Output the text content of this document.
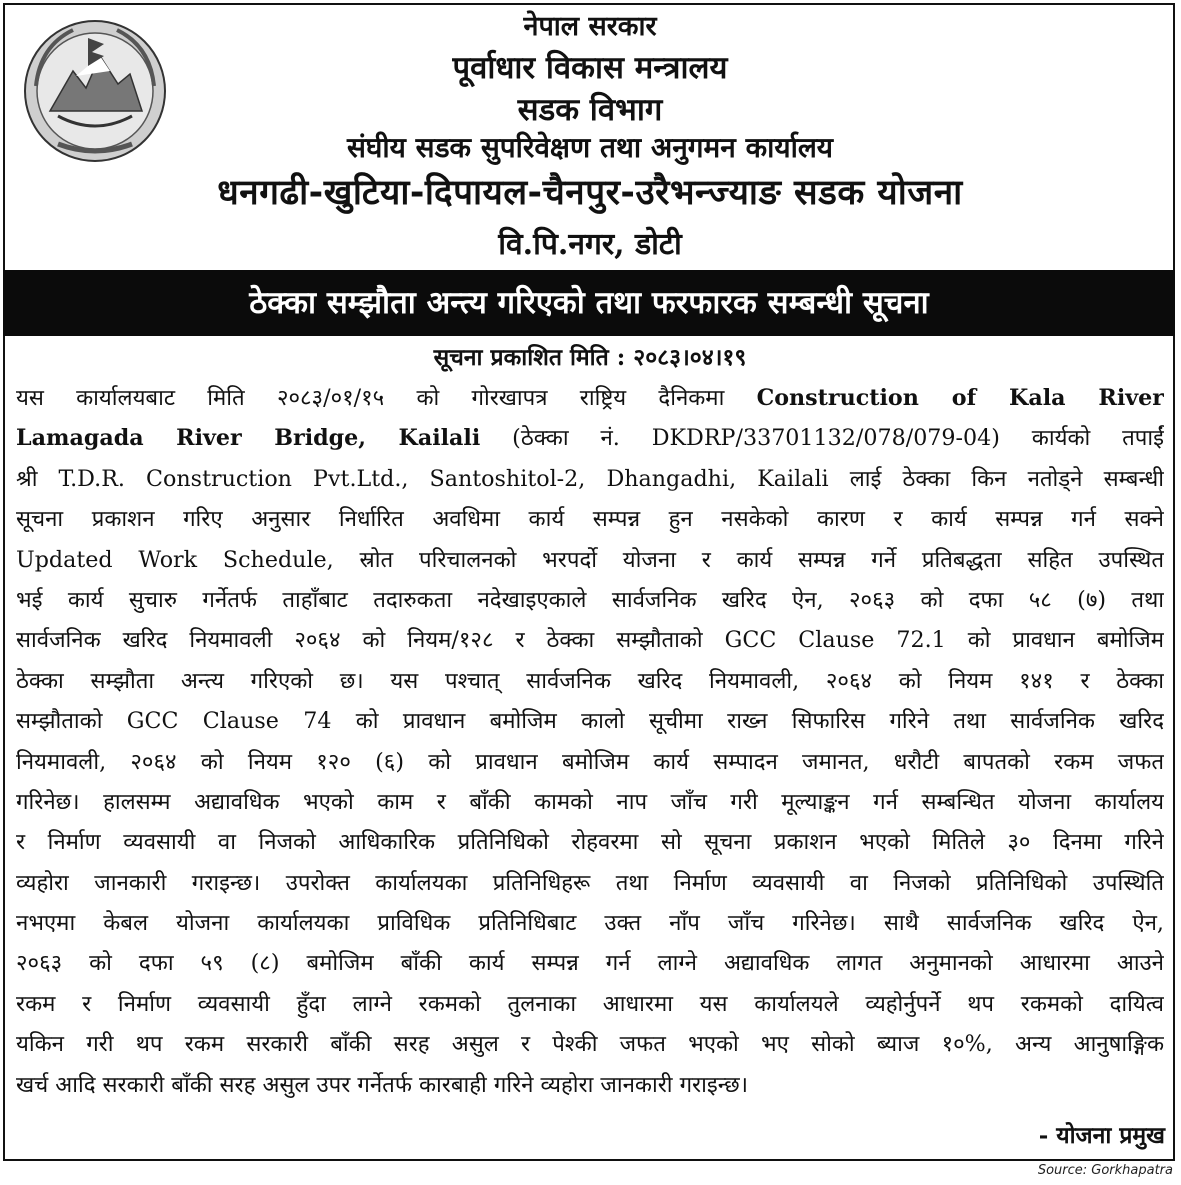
नेपाल सरकार
पूर्वाधार विकास मन्त्रालय
सडक विभाग
संघीय सडक सुपरिवेक्षण तथा अनुगमन कार्यालय
धनगढी-खुटिया-दिपायल-चैनपुर-उरैभन्ज्याङ सडक योजना
वि.पि.नगर, डोटी
ठेक्का सम्झौता अन्त्य गरिएको तथा फरफारक सम्बन्धी सूचना
सूचना प्रकाशित मिति : २०८३।०४।१९
यस कार्यालयबाट मिति २०८३/०१/१५ को गोरखापत्र राष्ट्रिय दैनिकमा Construction of Kala River
Lamagada River Bridge, Kailali (ठेक्का नं. DKDRP/33701132/078/079-04) कार्यको तपाईं
श्री T.D.R. Construction Pvt.Ltd., Santoshitol-2, Dhangadhi, Kailali लाई ठेक्का किन नतोड्ने सम्बन्धी
सूचना प्रकाशन गरिए अनुसार निर्धारित अवधिमा कार्य सम्पन्न हुन नसकेको कारण र कार्य सम्पन्न गर्न सक्ने
Updated Work Schedule, स्रोत परिचालनको भरपर्दो योजना र कार्य सम्पन्न गर्ने प्रतिबद्धता सहित उपस्थित
भई कार्य सुचारु गर्नेतर्फ ताहाँबाट तदारुकता नदेखाइएकाले सार्वजनिक खरिद ऐन, २०६३ को दफा ५८ (७) तथा
सार्वजनिक खरिद नियमावली २०६४ को नियम/१२८ र ठेक्का सम्झौताको GCC Clause 72.1 को प्रावधान बमोजिम
ठेक्का सम्झौता अन्त्य गरिएको छ। यस पश्चात् सार्वजनिक खरिद नियमावली, २०६४ को नियम १४१ र ठेक्का
सम्झौताको GCC Clause 74 को प्रावधान बमोजिम कालो सूचीमा राख्न सिफारिस गरिने तथा सार्वजनिक खरिद
नियमावली, २०६४ को नियम १२० (६) को प्रावधान बमोजिम कार्य सम्पादन जमानत, धरौटी बापतको रकम जफत
गरिनेछ। हालसम्म अद्यावधिक भएको काम र बाँकी कामको नाप जाँच गरी मूल्याङ्कन गर्न सम्बन्धित योजना कार्यालय
र निर्माण व्यवसायी वा निजको आधिकारिक प्रतिनिधिको रोहवरमा सो सूचना प्रकाशन भएको मितिले ३० दिनमा गरिने
व्यहोरा जानकारी गराइन्छ। उपरोक्त कार्यालयका प्रतिनिधिहरू तथा निर्माण व्यवसायी वा निजको प्रतिनिधिको उपस्थिति
नभएमा केबल योजना कार्यालयका प्राविधिक प्रतिनिधिबाट उक्त नाँप जाँच गरिनेछ। साथै सार्वजनिक खरिद ऐन,
२०६३ को दफा ५९ (८) बमोजिम बाँकी कार्य सम्पन्न गर्न लाग्ने अद्यावधिक लागत अनुमानको आधारमा आउने
रकम र निर्माण व्यवसायी हुँदा लाग्ने रकमको तुलनाका आधारमा यस कार्यालयले व्यहोर्नुपर्ने थप रकमको दायित्व
यकिन गरी थप रकम सरकारी बाँकी सरह असुल र पेश्की जफत भएको भए सोको ब्याज १०%, अन्य आनुषाङ्गिक
खर्च आदि सरकारी बाँकी सरह असुल उपर गर्नेतर्फ कारबाही गरिने व्यहोरा जानकारी गराइन्छ।
- योजना प्रमुख
Source: Gorkhapatra
